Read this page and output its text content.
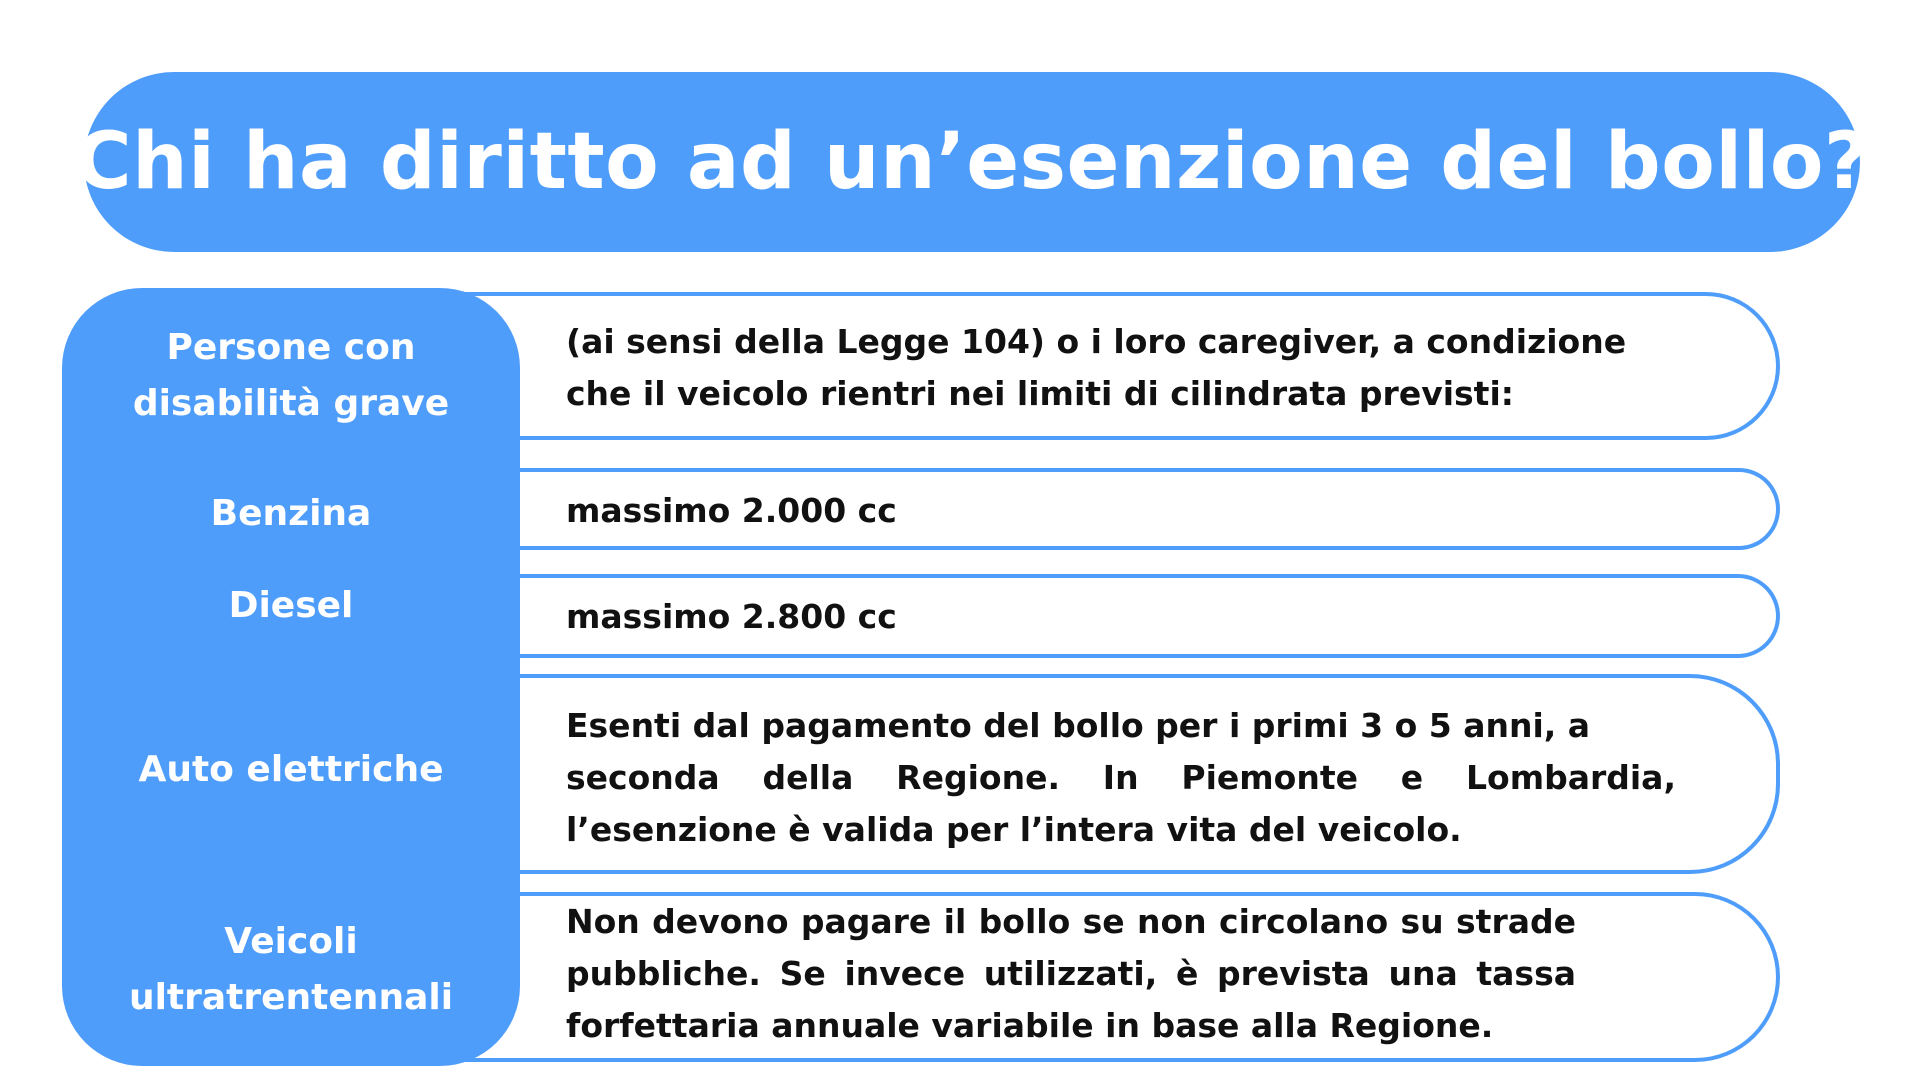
Chi ha diritto ad un’esenzione del bollo?
Persone con
disabilità grave
Benzina
Diesel
Auto elettriche
Veicoli
ultratrentennali
(ai sensi della Legge 104) o i loro caregiver, a condizione
che il veicolo rientri nei limiti di cilindrata previsti:
massimo 2.000 cc
massimo 2.800 cc
Esenti dal pagamento del bollo per i primi 3 o 5 anni, a
seconda della Regione. In Piemonte e Lombardia,
l’esenzione è valida per l’intera vita del veicolo.
Non devono pagare il bollo se non circolano su strade
pubbliche. Se invece utilizzati, è prevista una tassa
forfettaria annuale variabile in base alla Regione.
